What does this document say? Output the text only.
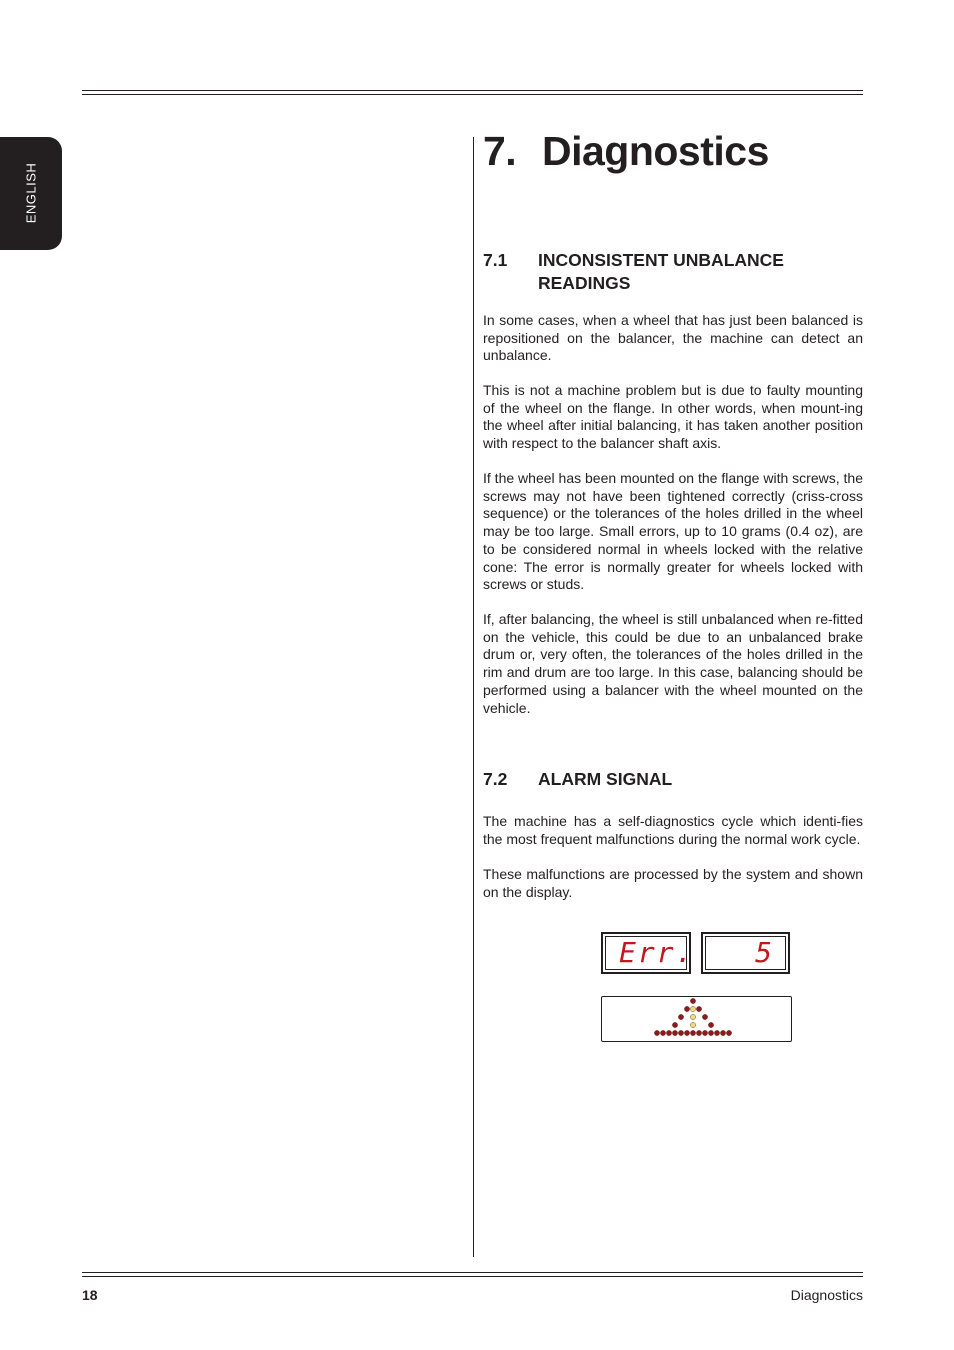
ENGLISH
7. Diagnostics
7.1 INCONSISTENT UNBALANCE READINGS

In some cases, when a wheel that has just been balanced is repositioned on the balancer, the machine can detect an unbalance.

This is not a machine problem but is due to faulty mounting of the wheel on the flange. In other words, when mount-ing the wheel after initial balancing, it has taken another position with respect to the balancer shaft axis.

If the wheel has been mounted on the flange with screws, the screws may not have been tightened correctly (criss-cross sequence) or the tolerances of the holes drilled in the wheel may be too large. Small errors, up to 10 grams (0.4 oz), are to be considered normal in wheels locked with the relative cone: The error is normally greater for wheels locked with screws or studs.

If, after balancing, the wheel is still unbalanced when re-fitted on the vehicle, this could be due to an unbalanced brake drum or, very often, the tolerances of the holes drilled in the rim and drum are too large. In this case, balancing should be performed using a balancer with the wheel mounted on the vehicle.

7.2 ALARM SIGNAL

The machine has a self-diagnostics cycle which identi-fies the most frequent malfunctions during the normal work cycle.

These malfunctions are processed by the system and shown on the display.

Err. 5
18	Diagnostics
